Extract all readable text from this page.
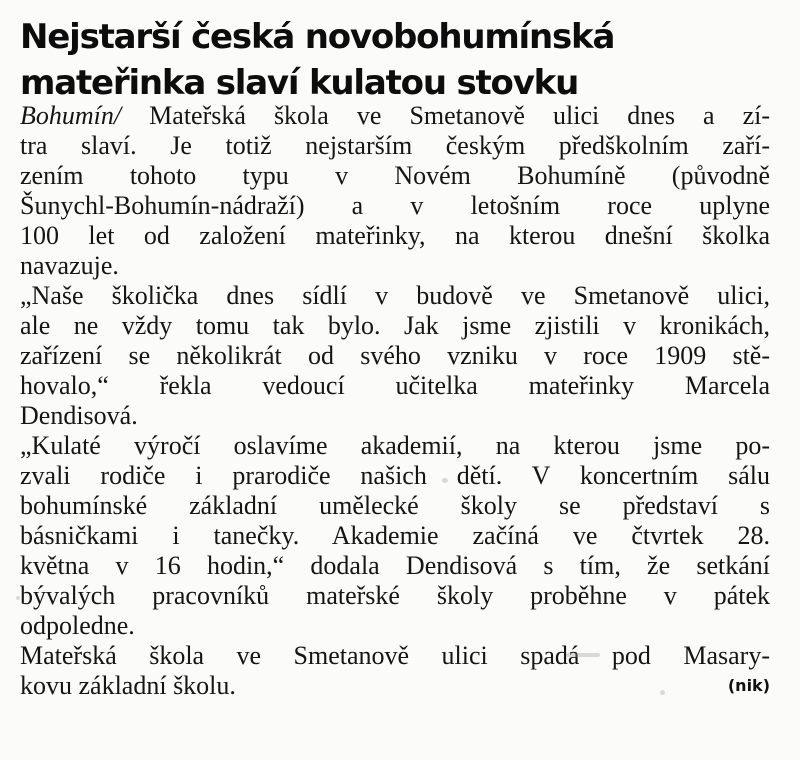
Nejstarší česká novobohumínská
mateřinka slaví kulatou stovku
Bohumín/ Mateřská škola ve Smetanově ulici dnes a zí-
tra slaví. Je totiž nejstarším českým předškolním zaří-
zením tohoto typu v Novém Bohumíně (původně
Šunychl-Bohumín-nádraží) a v letošním roce uplyne
100 let od založení mateřinky, na kterou dnešní školka
navazuje.
„Naše školička dnes sídlí v budově ve Smetanově ulici,
ale ne vždy tomu tak bylo. Jak jsme zjistili v kronikách,
zařízení se několikrát od svého vzniku v roce 1909 stě-
hovalo,“ řekla vedoucí učitelka mateřinky Marcela
Dendisová.
„Kulaté výročí oslavíme akademií, na kterou jsme po-
zvali rodiče i prarodiče našich dětí. V koncertním sálu
bohumínské základní umělecké školy se představí s
básničkami i tanečky. Akademie začíná ve čtvrtek 28.
května v 16 hodin,“ dodala Dendisová s tím, že setkání
bývalých pracovníků mateřské školy proběhne v pátek
odpoledne.
Mateřská škola ve Smetanově ulici spadá pod Masary-
kovu základní školu.	(nik)
